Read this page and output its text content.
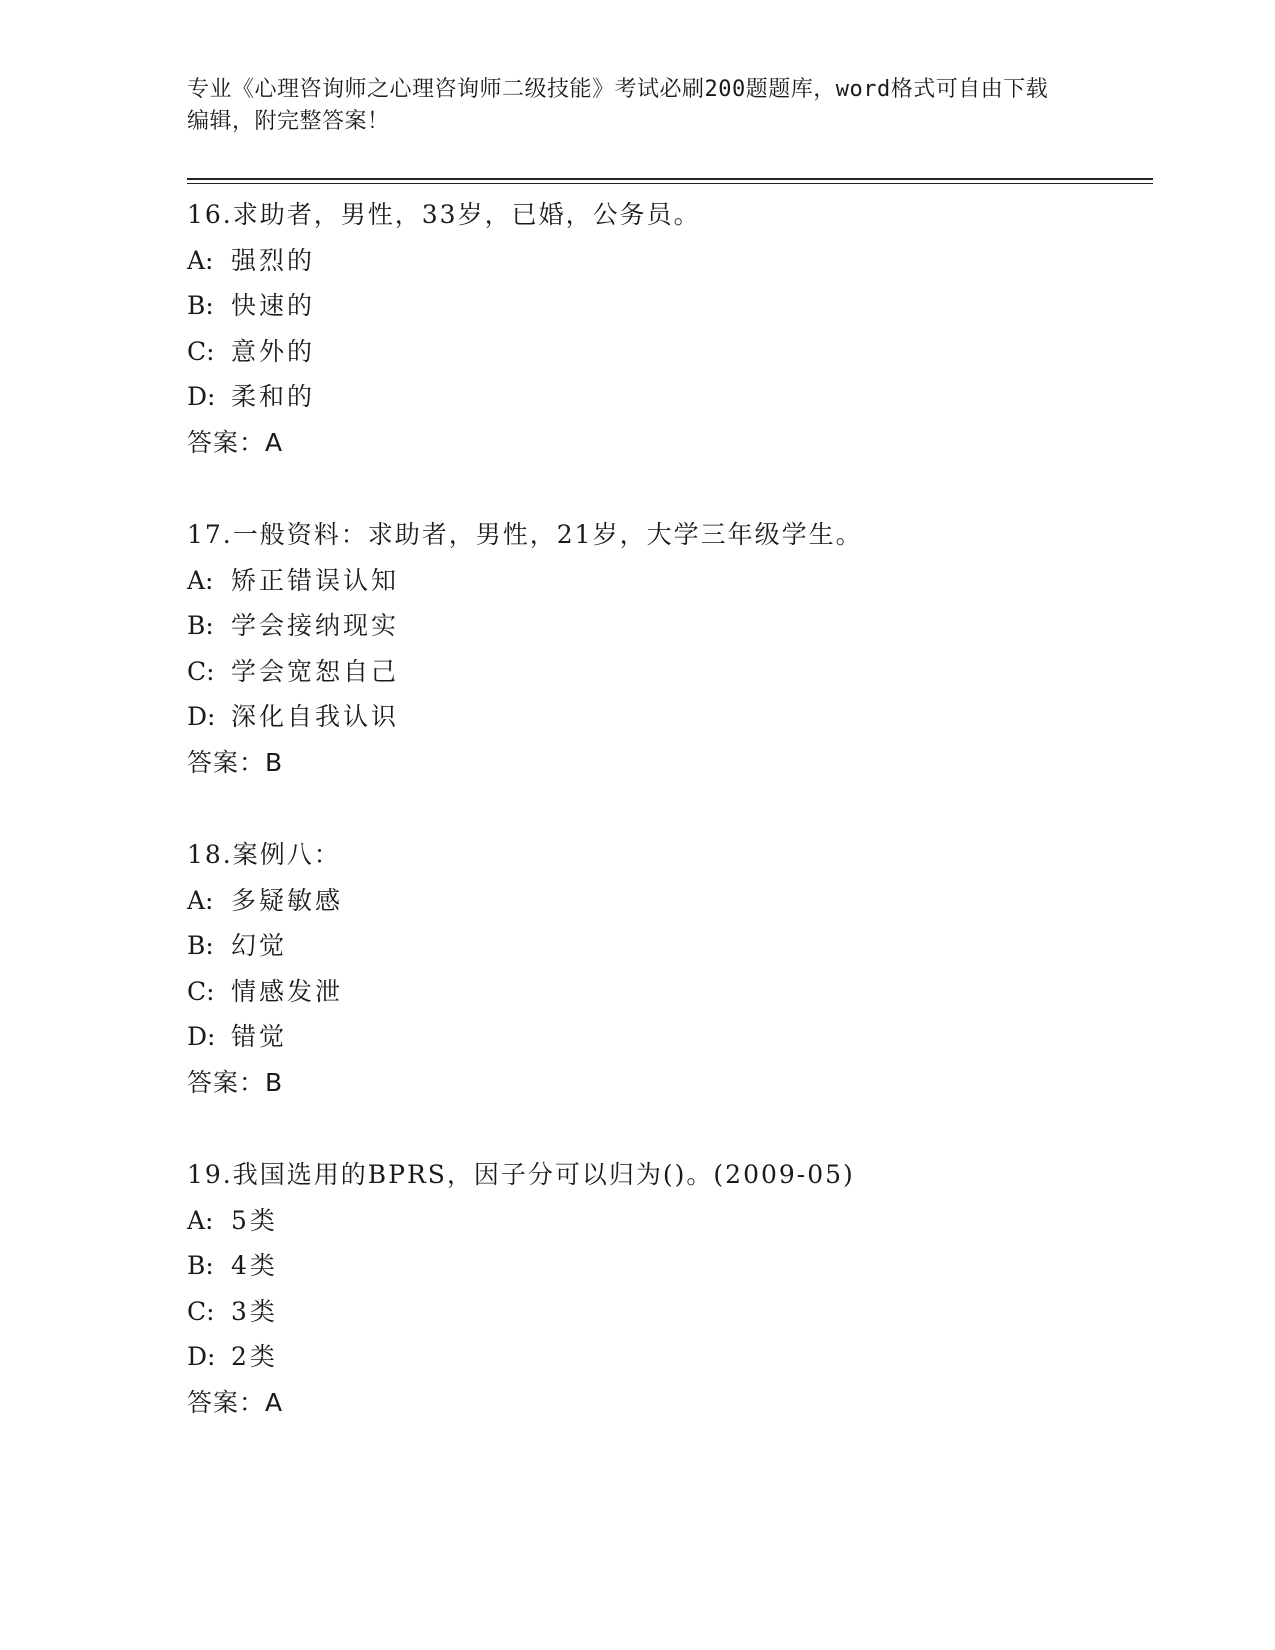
专业《心理咨询师之心理咨询师二级技能》考试必刷200题题库，word格式可自由下载编辑，附完整答案！
16.求助者，男性，33岁，已婚，公务员。
A: 强烈的
B: 快速的
C: 意外的
D: 柔和的
答案：A
17.一般资料：求助者，男性，21岁，大学三年级学生。
A: 矫正错误认知
B: 学会接纳现实
C: 学会宽恕自己
D: 深化自我认识
答案：B
18.案例八：
A: 多疑敏感
B: 幻觉
C: 情感发泄
D: 错觉
答案：B
19.我国选用的BPRS，因子分可以归为()。(2009-05)
A: 5类
B: 4类
C: 3类
D: 2类
答案：A
